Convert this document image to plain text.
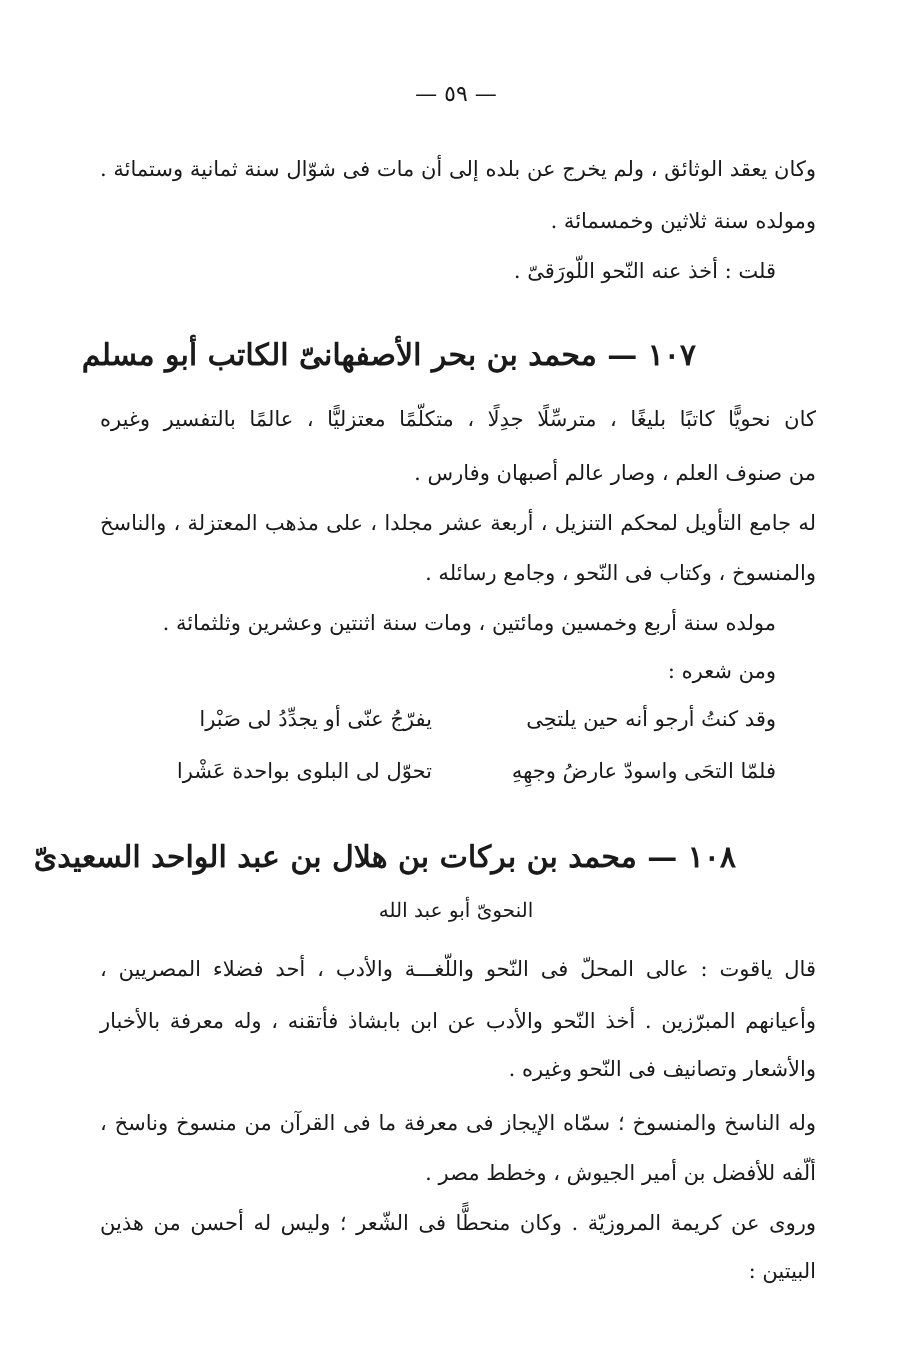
— ٥٩ —
وكان يعقد الوثائق ، ولم يخرج عن بلده إلى أن مات فى شوّال سنة ثمانية وستمائة .
ومولده سنة ثلاثين وخمسمائة .
قلت : أخذ عنه النّحو اللّورَقىّ .
١٠٧ — محمد بن بحر الأصفهانىّ الكاتب أبو مسلم
كان نحويًّا كاتبًا بليغًا ، مترسِّلًا جدِلًا ، متكلّمًا معتزليًّا ، عالمًا بالتفسير وغيره
من صنوف العلم ، وصار عالم أصبهان وفارس .
له جامع التأويل لمحكم التنزيل ، أربعة عشر مجلدا ، على مذهب المعتزلة ، والناسخ
والمنسوخ ، وكتاب فى النّحو ، وجامع رسائله .
مولده سنة أربع وخمسين ومائتين ، ومات سنة اثنتين وعشرين وثلثمائة .
ومن شعره :
وقد كنتُ أرجو أنه حين يلتحِى
يفرّجُ عنّى أو يجدِّدُ لى صَبْرا
فلمّا التحَى واسودّ عارضُ وجهِهِ
تحوّل لى البلوى بواحدة عَشْرا
١٠٨ — محمد بن بركات بن هلال بن عبد الواحد السعيدىّ
النحوىّ أبو عبد الله
قال ياقوت : عالى المحلّ فى النّحو واللّغـــة والأدب ، أحد فضلاء المصريين ،
وأعيانهم المبرّزين . أخذ النّحو والأدب عن ابن بابشاذ فأتقنه ، وله معرفة بالأخبار
والأشعار وتصانيف فى النّحو وغيره .
وله الناسخ والمنسوخ ؛ سمّاه الإيجاز فى معرفة ما فى القرآن من منسوخ وناسخ ،
ألّفه للأفضل بن أمير الجيوش ، وخطط مصر .
وروى عن كريمة المروزيّة . وكان منحطًّا فى الشّعر ؛ وليس له أحسن من هذين
البيتين :
